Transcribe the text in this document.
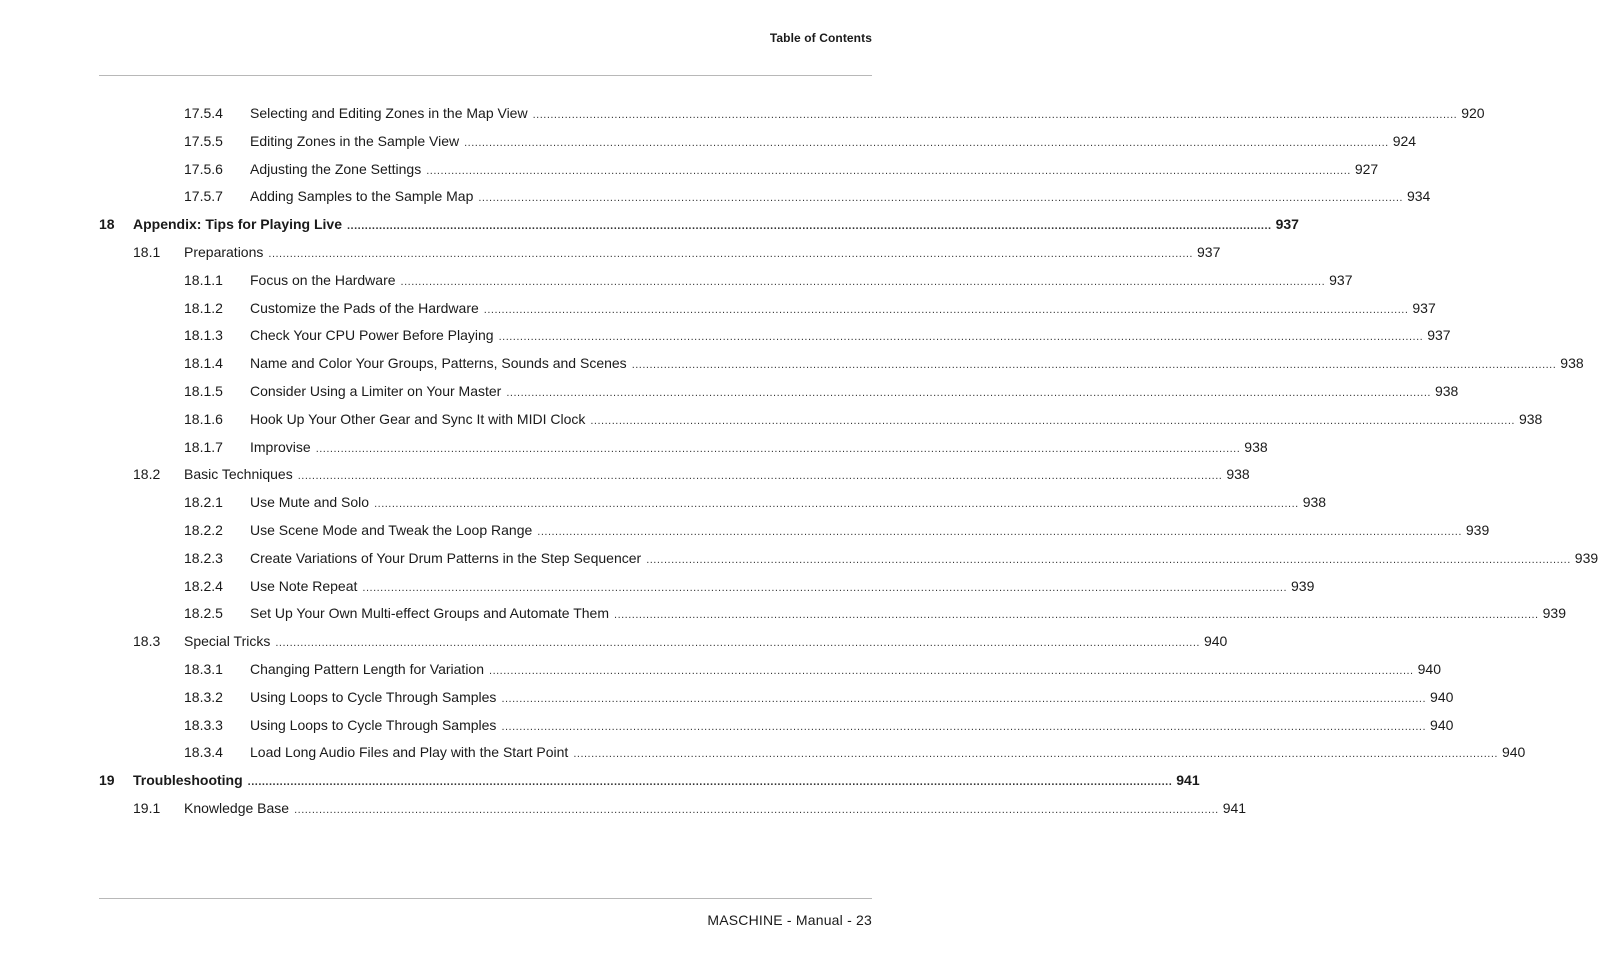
Table of Contents
17.5.4 Selecting and Editing Zones in the Map View .................................................................................................................................................................................................................................................................... 920
17.5.5 Editing Zones in the Sample View .................................................................................................................................................................................................................................................................... 924
17.5.6 Adjusting the Zone Settings .................................................................................................................................................................................................................................................................... 927
17.5.7 Adding Samples to the Sample Map .................................................................................................................................................................................................................................................................... 934
18 Appendix: Tips for Playing Live .................................................................................................................................................................................................................................................................... 937
18.1 Preparations .................................................................................................................................................................................................................................................................... 937
18.1.1 Focus on the Hardware .................................................................................................................................................................................................................................................................... 937
18.1.2 Customize the Pads of the Hardware .................................................................................................................................................................................................................................................................... 937
18.1.3 Check Your CPU Power Before Playing .................................................................................................................................................................................................................................................................... 937
18.1.4 Name and Color Your Groups, Patterns, Sounds and Scenes .................................................................................................................................................................................................................................................................... 938
18.1.5 Consider Using a Limiter on Your Master .................................................................................................................................................................................................................................................................... 938
18.1.6 Hook Up Your Other Gear and Sync It with MIDI Clock .................................................................................................................................................................................................................................................................... 938
18.1.7 Improvise .................................................................................................................................................................................................................................................................... 938
18.2 Basic Techniques .................................................................................................................................................................................................................................................................... 938
18.2.1 Use Mute and Solo .................................................................................................................................................................................................................................................................... 938
18.2.2 Use Scene Mode and Tweak the Loop Range .................................................................................................................................................................................................................................................................... 939
18.2.3 Create Variations of Your Drum Patterns in the Step Sequencer .................................................................................................................................................................................................................................................................... 939
18.2.4 Use Note Repeat .................................................................................................................................................................................................................................................................... 939
18.2.5 Set Up Your Own Multi-effect Groups and Automate Them .................................................................................................................................................................................................................................................................... 939
18.3 Special Tricks .................................................................................................................................................................................................................................................................... 940
18.3.1 Changing Pattern Length for Variation .................................................................................................................................................................................................................................................................... 940
18.3.2 Using Loops to Cycle Through Samples .................................................................................................................................................................................................................................................................... 940
18.3.3 Using Loops to Cycle Through Samples .................................................................................................................................................................................................................................................................... 940
18.3.4 Load Long Audio Files and Play with the Start Point .................................................................................................................................................................................................................................................................... 940
19 Troubleshooting .................................................................................................................................................................................................................................................................... 941
19.1 Knowledge Base .................................................................................................................................................................................................................................................................... 941
MASCHINE - Manual - 23
